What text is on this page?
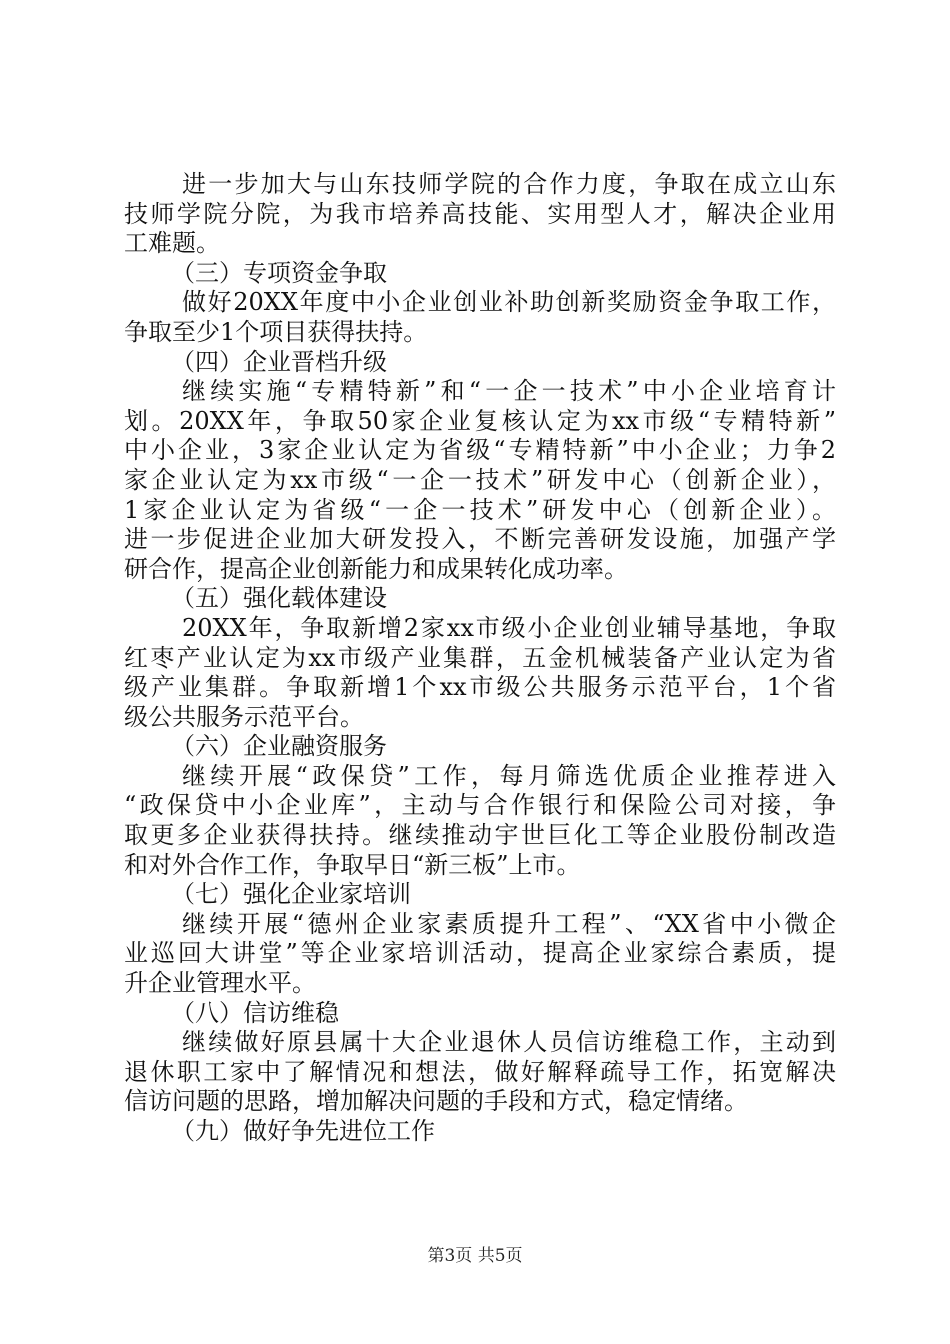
进一步加大与山东技师学院的合作力度，争取在成立山东
技师学院分院，为我市培养高技能、实用型人才，解决企业用
工难题。
（三）专项资金争取
做好20XX年度中小企业创业补助创新奖励资金争取工作，
争取至少1个项目获得扶持。
（四）企业晋档升级
继续实施“专精特新”和“一企一技术”中小企业培育计
划。20XX年，争取50家企业复核认定为xx市级“专精特新”
中小企业，3家企业认定为省级“专精特新”中小企业；力争2
家企业认定为xx市级“一企一技术”研发中心（创新企业），
1家企业认定为省级“一企一技术”研发中心（创新企业）。
进一步促进企业加大研发投入，不断完善研发设施，加强产学
研合作，提高企业创新能力和成果转化成功率。
（五）强化载体建设
20XX年，争取新增2家xx市级小企业创业辅导基地，争取
红枣产业认定为xx市级产业集群，五金机械装备产业认定为省
级产业集群。争取新增1个xx市级公共服务示范平台，1个省
级公共服务示范平台。
（六）企业融资服务
继续开展“政保贷”工作，每月筛选优质企业推荐进入
“政保贷中小企业库”，主动与合作银行和保险公司对接，争
取更多企业获得扶持。继续推动宇世巨化工等企业股份制改造
和对外合作工作，争取早日“新三板”上市。
（七）强化企业家培训
继续开展“德州企业家素质提升工程”、“XX省中小微企
业巡回大讲堂”等企业家培训活动，提高企业家综合素质，提
升企业管理水平。
（八）信访维稳
继续做好原县属十大企业退休人员信访维稳工作，主动到
退休职工家中了解情况和想法，做好解释疏导工作，拓宽解决
信访问题的思路，增加解决问题的手段和方式，稳定情绪。
（九）做好争先进位工作
第3页 共5页
